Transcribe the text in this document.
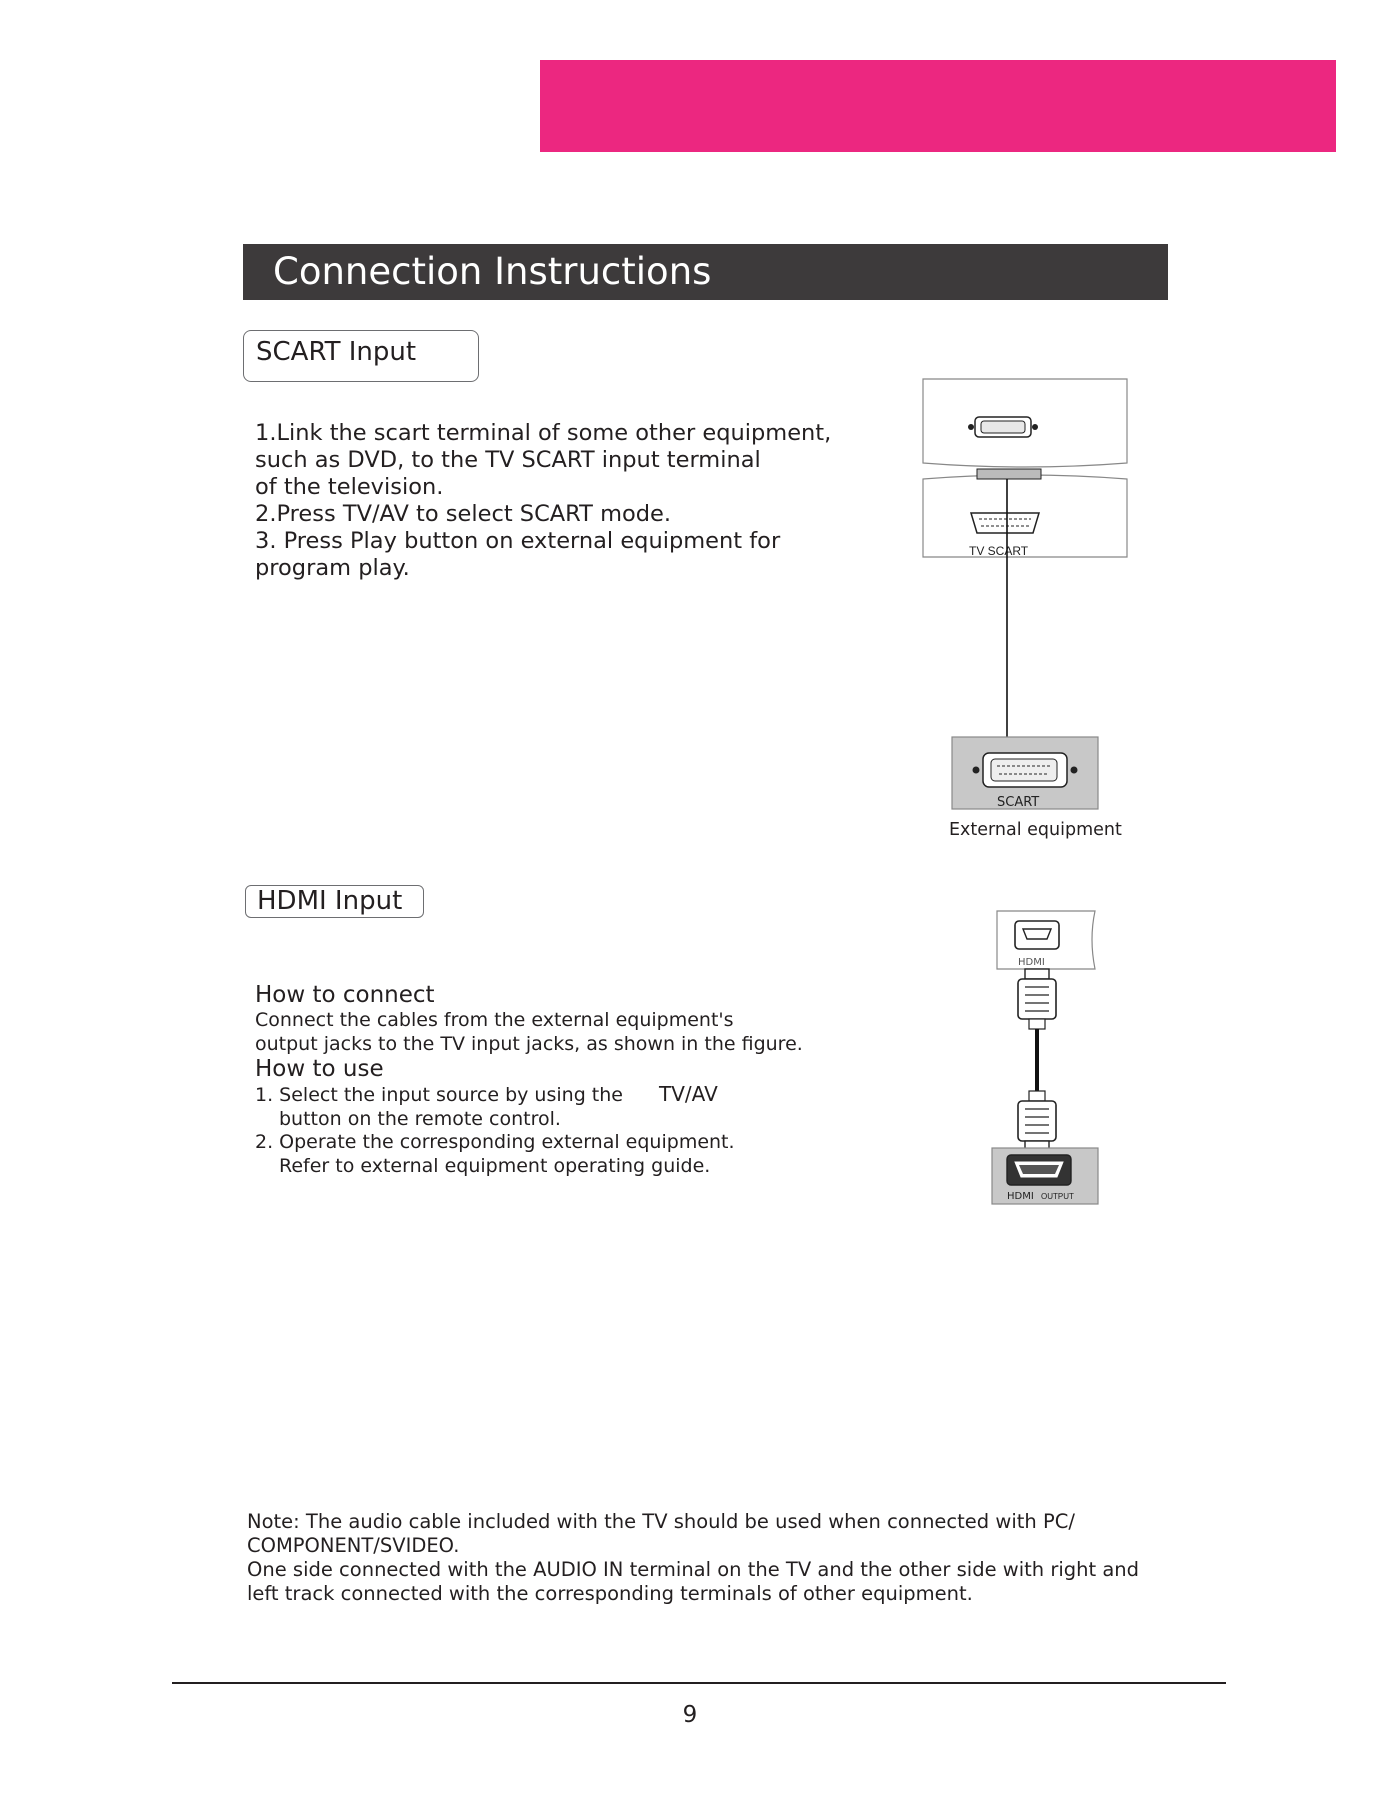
Connection Instructions
SCART Input
1.Link the scart terminal of some other equipment,
such as DVD, to the TV SCART input terminal
of the television.
2.Press TV/AV to select SCART mode.
3. Press Play button on external equipment for
program play.
TV SCART
SCART
External equipment
HDMI Input
How to connect
Connect the cables from the external equipment's
output jacks to the TV input jacks, as shown in the figure.
How to use
1. Select the input source by using the TV/AV
button on the remote control.
2. Operate the corresponding external equipment.
Refer to external equipment operating guide.
HDMI
HDMI OUTPUT
Note: The audio cable included with the TV should be used when connected with PC/
COMPONENT/SVIDEO.
One side connected with the AUDIO IN terminal on the TV and the other side with right and
left track connected with the corresponding terminals of other equipment.
9
